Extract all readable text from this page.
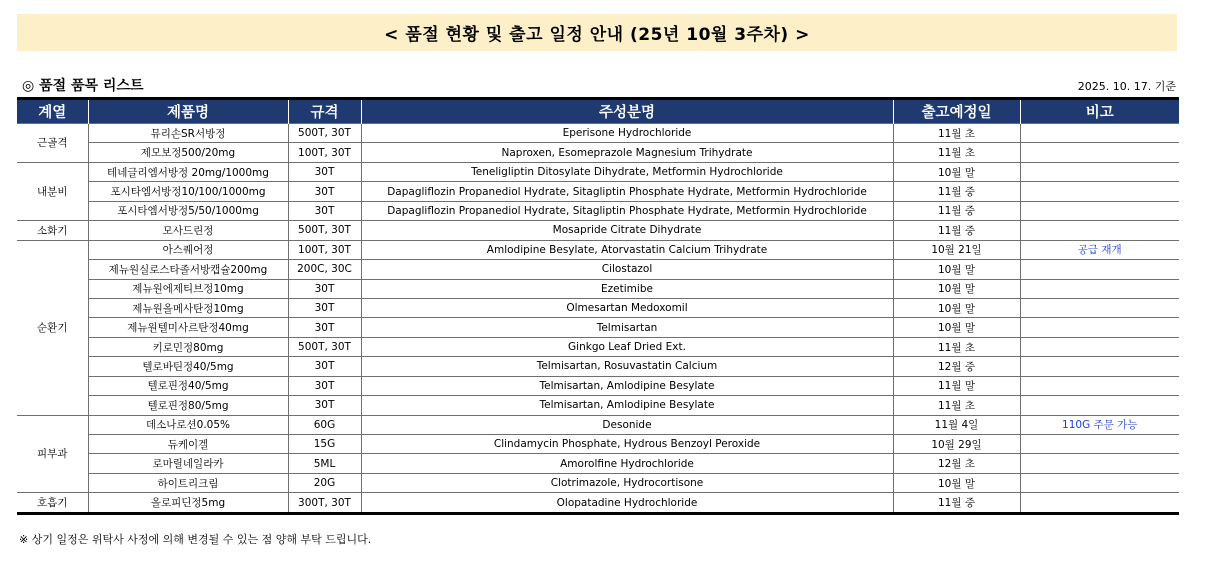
< 품절 현황 및 출고 일정 안내 (25년 10월 3주차) >
◎ 품절 품목 리스트	2025. 10. 17. 기준
계열	제품명	규격	주성분명	출고예정일	비고
근골격	뮤리손SR서방정	500T, 30T	Eperisone Hydrochloride	11월 초	
	제모보정500/20mg	100T, 30T	Naproxen, Esomeprazole Magnesium Trihydrate	11월 초	
내분비	테네글리엠서방정 20mg/1000mg	30T	Teneligliptin Ditosylate Dihydrate, Metformin Hydrochloride	10월 말	
	포시타엠서방정10/100/1000mg	30T	Dapagliflozin Propanediol Hydrate, Sitagliptin Phosphate Hydrate, Metformin Hydrochloride	11월 중	
	포시타엠서방정5/50/1000mg	30T	Dapagliflozin Propanediol Hydrate, Sitagliptin Phosphate Hydrate, Metformin Hydrochloride	11월 중	
소화기	모사드린정	500T, 30T	Mosapride Citrate Dihydrate	11월 중	
순환기	아스퀘어정	100T, 30T	Amlodipine Besylate, Atorvastatin Calcium Trihydrate	10월 21일	공급 재개
	제뉴원실로스타졸서방캡슐200mg	200C, 30C	Cilostazol	10월 말	
	제뉴원에제티브정10mg	30T	Ezetimibe	10월 말	
	제뉴원올메사탄정10mg	30T	Olmesartan Medoxomil	10월 말	
	제뉴원텔미사르탄정40mg	30T	Telmisartan	10월 말	
	키로민정80mg	500T, 30T	Ginkgo Leaf Dried Ext.	11월 초	
	텔로바틴정40/5mg	30T	Telmisartan, Rosuvastatin Calcium	12월 중	
	텔로핀정40/5mg	30T	Telmisartan, Amlodipine Besylate	11월 말	
	텔로핀정80/5mg	30T	Telmisartan, Amlodipine Besylate	11월 초	
피부과	데소나로션0.05%	60G	Desonide	11월 4일	110G 주문 가능
	듀케이겔	15G	Clindamycin Phosphate, Hydrous Benzoyl Peroxide	10월 29일	
	로마릴네일라카	5ML	Amorolfine Hydrochloride	12월 초	
	하이트리크림	20G	Clotrimazole, Hydrocortisone	10월 말	
호흡기	올로피딘정5mg	300T, 30T	Olopatadine Hydrochloride	11월 중	
※ 상기 일정은 위탁사 사정에 의해 변경될 수 있는 점 양해 부탁 드립니다.
